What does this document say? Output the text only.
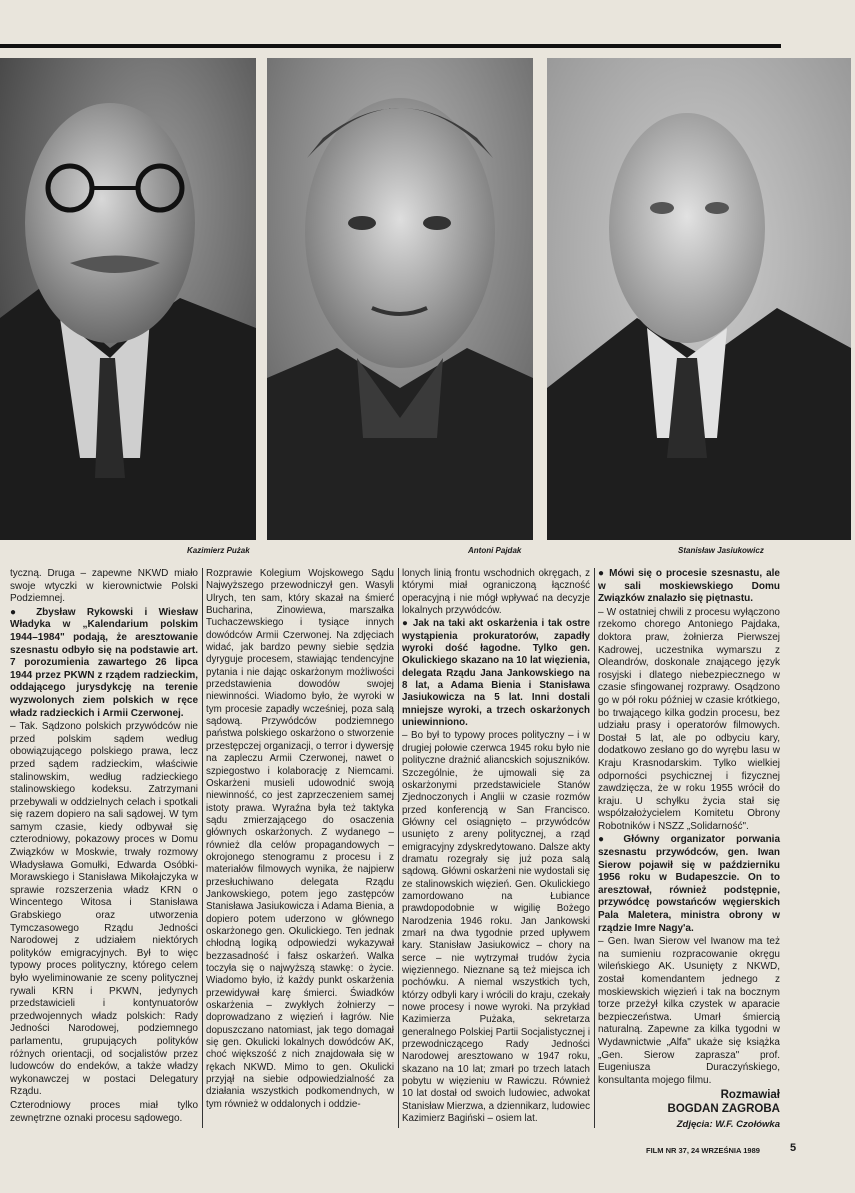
Kazimierz Pużak	Antoni Pajdak	Stanisław Jasiukowicz

tyczną. Druga – zapewne NKWD miało swoje wtyczki w kierownictwie Polski Podziemnej.

● Zbysław Rykowski i Wiesław Władyka w „Kalendarium polskim 1944–1984" podają, że aresztowanie szesnastu odbyło się na podstawie art. 7 porozumienia zawartego 26 lipca 1944 przez PKWN z rządem radzieckim, oddającego jurysdykcję na terenie wyzwolonych ziem polskich w ręce władz radzieckich i Armii Czerwonej.

– Tak. Sądzono polskich przywódców nie przed polskim sądem według obowiązującego polskiego prawa, lecz przed sądem radzieckim, właściwie stalinowskim, według radzieckiego stalinowskiego kodeksu. Zatrzymani przebywali w oddzielnych celach i spotkali się razem dopiero na sali sądowej. W tym samym czasie, kiedy odbywał się czterodniowy, pokazowy proces w Domu Związków w Moskwie, trwały rozmowy Władysława Gomułki, Edwarda Osóbki-Morawskiego i Stanisława Mikołajczyka w sprawie rozszerzenia władz KRN o Wincentego Witosa i Stanisława Grabskiego oraz utworzenia Tymczasowego Rządu Jedności Narodowej z udziałem niektórych polityków emigracyjnych. Był to więc typowy proces polityczny, którego celem było wyeliminowanie ze sceny politycznej rywali KRN i PKWN, jedynych przedstawicieli i kontynuatorów przedwojennych władz polskich: Rady Jedności Narodowej, podziemnego parlamentu, grupujących polityków różnych orientacji, od socjalistów przez ludowców do endeków, a także władzy wykonawczej w postaci Delegatury Rządu.

Czterodniowy proces miał tylko zewnętrzne oznaki procesu sądowego.

Rozprawie Kolegium Wojskowego Sądu Najwyższego przewodniczył gen. Wasyli Ulrych, ten sam, który skazał na śmierć Bucharina, Zinowiewa, marszałka Tuchaczewskiego i tysiące innych dowódców Armii Czerwonej. Na zdjęciach widać, jak bardzo pewny siebie sędzia dyryguje procesem, stawiając tendencyjne pytania i nie dając oskarżonym możliwości przedstawienia dowodów swojej niewinności. Wiadomo było, że wyroki w tym procesie zapadły wcześniej, poza salą sądową. Przywódców podziemnego państwa polskiego oskarżono o stworzenie przestępczej organizacji, o terror i dywersję na zapleczu Armii Czerwonej, nawet o szpiegostwo i kolaborację z Niemcami. Oskarżeni musieli udowodnić swoją niewinność, co jest zaprzeczeniem samej istoty prawa. Wyraźna była też taktyka sądu zmierzającego do osaczenia głównych oskarżonych. Z wydanego – również dla celów propagandowych – okrojonego stenogramu z procesu i z materiałów filmowych wynika, że najpierw przesłuchiwano delegata Rządu Jankowskiego, potem jego zastępców Stanisława Jasiukowicza i Adama Bienia, a dopiero potem uderzono w głównego oskarżonego gen. Okulickiego. Ten jednak chłodną logiką odpowiedzi wykazywał bezzasadność i fałsz oskarżeń. Walka toczyła się o najwyższą stawkę: o życie. Wiadomo było, iż każdy punkt oskarżenia przewidywał karę śmierci. Świadków oskarżenia – zwykłych żołnierzy – doprowadzano z więzień i łagrów. Nie dopuszczano natomiast, jak tego domagał się gen. Okulicki lokalnych dowódców AK, choć większość z nich znajdowała się w rękach NKWD. Mimo to gen. Okulicki przyjął na siebie odpowiedzialność za działania wszystkich podkomendnych, w tym również w oddalonych i oddzie-

lonych linią frontu wschodnich okręgach, z którymi miał ograniczoną łączność operacyjną i nie mógł wpływać na decyzje lokalnych przywódców.

● Jak na taki akt oskarżenia i tak ostre wystąpienia prokuratorów, zapadły wyroki dość łagodne. Tylko gen. Okulickiego skazano na 10 lat więzienia, delegata Rządu Jana Jankowskiego na 8 lat, a Adama Bienia i Stanisława Jasiukowicza na 5 lat. Inni dostali mniejsze wyroki, a trzech oskarżonych uniewinniono.

– Bo był to typowy proces polityczny – i w drugiej połowie czerwca 1945 roku było nie polityczne drażnić aliancskich sojuszników. Szczególnie, że ujmowali się za oskarżonymi przedstawiciele Stanów Zjednoczonych i Anglii w czasie rozmów przed konferencją w San Francisco. Główny cel osiągnięto – przywódców usunięto z areny politycznej, a rząd emigracyjny zdyskredytowano. Dalsze akty dramatu rozegrały się już poza salą sądową. Główni oskarżeni nie wydostali się ze stalinowskich więzień. Gen. Okulickiego zamordowano na Łubiance prawdopodobnie w wigilię Bożego Narodzenia 1946 roku. Jan Jankowski zmarł na dwa tygodnie przed upływem kary. Stanisław Jasiukowicz – chory na serce – nie wytrzymał trudów życia więziennego. Nieznane są też miejsca ich pochówku. A niemal wszystkich tych, którzy odbyli kary i wrócili do kraju, czekały nowe procesy i nowe wyroki. Na przykład Kazimierza Pużaka, sekretarza generalnego Polskiej Partii Socjalistycznej i przewodniczącego Rady Jedności Narodowej aresztowano w 1947 roku, skazano na 10 lat; zmarł po trzech latach pobytu w więzieniu w Rawiczu. Również 10 lat dostał od swoich ludowiec, adwokat Stanisław Mierzwa, a dziennikarz, ludowiec Kazimierz Bagiński – osiem lat.

● Mówi się o procesie szesnastu, ale w sali moskiewskiego Domu Związków znalazło się piętnastu.

– W ostatniej chwili z procesu wyłączono rzekomo chorego Antoniego Pajdaka, doktora praw, żołnierza Pierwszej Kadrowej, uczestnika wymarszu z Oleandrów, doskonale znającego język rosyjski i dlatego niebezpiecznego w czasie sfingowanej rozprawy. Osądzono go w pół roku później w czasie krótkiego, bo trwającego kilka godzin procesu, bez udziału prasy i operatorów filmowych. Dostał 5 lat, ale po odbyciu kary, dodatkowo zesłano go do wyrębu lasu w Kraju Krasnodarskim. Tylko wielkiej odporności psychicznej i fizycznej zawdzięcza, że w roku 1955 wrócił do kraju. U schyłku życia stał się współzałożycielem Komitetu Obrony Robotników i NSZZ „Solidarność".

● Główny organizator porwania szesnastu przywódców, gen. Iwan Sierow pojawił się w październiku 1956 roku w Budapeszcie. On to aresztował, również podstępnie, przywódcę powstańców węgierskich Pala Maletera, ministra obrony w rządzie Imre Nagy'a.

– Gen. Iwan Sierow vel Iwanow ma też na sumieniu rozpracowanie okręgu wileńskiego AK. Usunięty z NKWD, został komendantem jednego z moskiewskich więzień i tak na bocznym torze przeżył kilka czystek w aparacie bezpieczeństwa. Umarł śmiercią naturalną. Zapewne za kilka tygodni w Wydawnictwie „Alfa" ukaże się książka „Gen. Sierow zaprasza" prof. Eugeniusza Duraczyńskiego, konsultanta mojego filmu.

Rozmawiał
BOGDAN ZAGROBA
Zdjęcia: W.F. Czołówka
FILM NR 37, 24 WRZEŚNIA 1989	5
